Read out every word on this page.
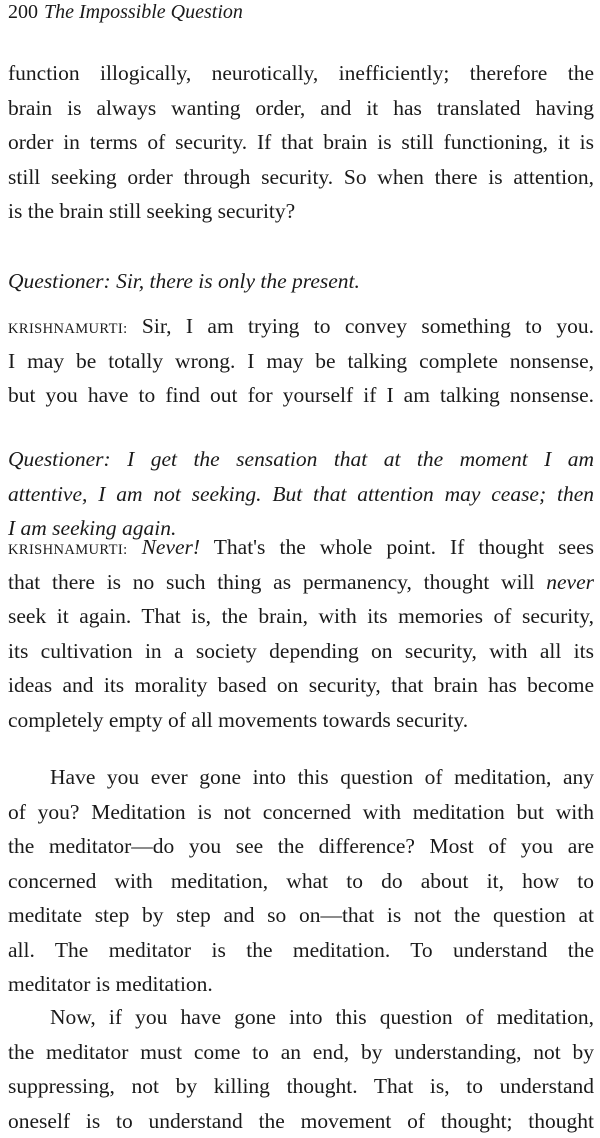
200 The Impossible Question
function illogically, neurotically, inefficiently; therefore the
brain is always wanting order, and it has translated having
order in terms of security. If that brain is still functioning, it is
still seeking order through security. So when there is attention,
is the brain still seeking security?
Questioner: Sir, there is only the present.
KRISHNAMURTI: Sir, I am trying to convey something to you.
I may be totally wrong. I may be talking complete nonsense,
but you have to find out for yourself if I am talking nonsense.
Questioner: I get the sensation that at the moment I am
attentive, I am not seeking. But that attention may cease; then
I am seeking again.
KRISHNAMURTI: Never! That's the whole point. If thought sees
that there is no such thing as permanency, thought will never
seek it again. That is, the brain, with its memories of security,
its cultivation in a society depending on security, with all its
ideas and its morality based on security, that brain has become
completely empty of all movements towards security.
Have you ever gone into this question of meditation, any
of you? Meditation is not concerned with meditation but with
the meditator—do you see the difference? Most of you are
concerned with meditation, what to do about it, how to
meditate step by step and so on—that is not the question at
all. The meditator is the meditation. To understand the
meditator is meditation.
Now, if you have gone into this question of meditation,
the meditator must come to an end, by understanding, not by
suppressing, not by killing thought. That is, to understand
oneself is to understand the movement of thought; thought
